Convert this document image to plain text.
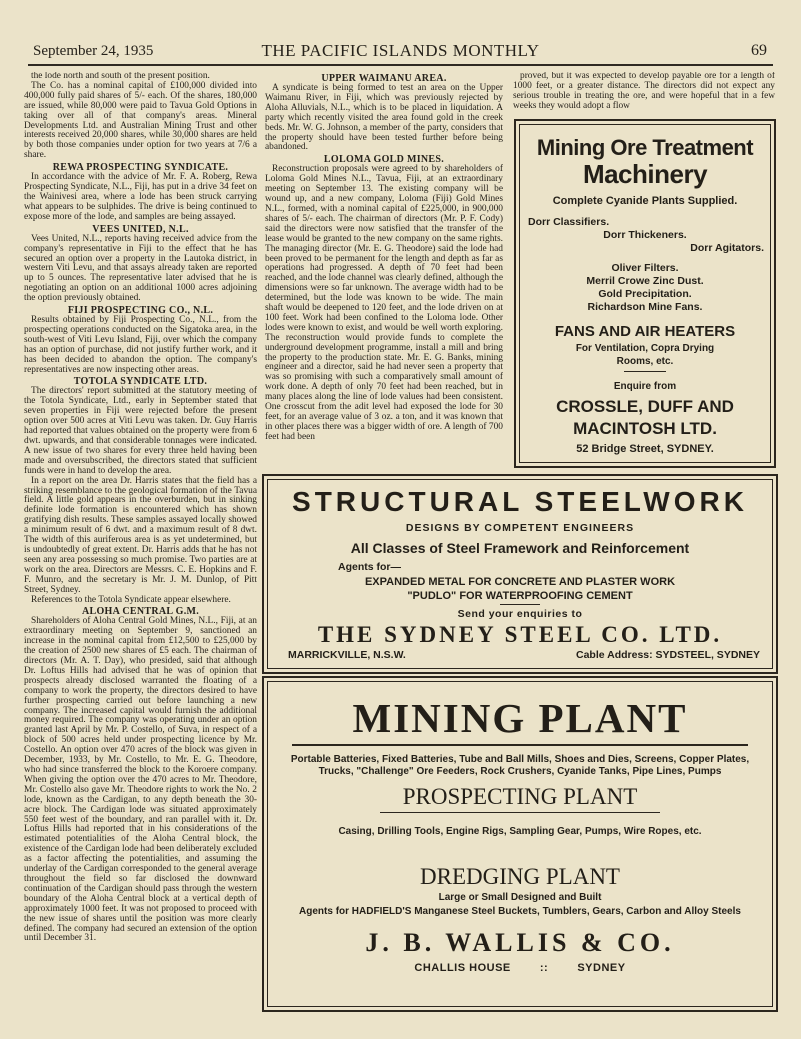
September 24, 1935	THE PACIFIC ISLANDS MONTHLY	69

the lode north and south of the present position.

The Co. has a nominal capital of £100,000 divided into 400,000 fully paid shares of 5/- each. Of the shares, 180,000 are issued, while 80,000 were paid to Tavua Gold Options in taking over all of that company's areas. Mineral Developments Ltd. and Australian Mining Trust and other interests received 20,000 shares, while 30,000 shares are held by both those companies under option for two years at 7/6 a share.

REWA PROSPECTING SYNDICATE.

In accordance with the advice of Mr. F. A. Roberg, Rewa Prospecting Syndicate, N.L., Fiji, has put in a drive 34 feet on the Wainivesi area, where a lode has been struck carrying what appears to be sulphides. The drive is being continued to expose more of the lode, and samples are being assayed.

VEES UNITED, N.L.

Vees United, N.L., reports having received advice from the company's representative in Fiji to the effect that he has secured an option over a property in the Lautoka district, in western Viti Levu, and that assays already taken are reported up to 5 ounces. The representative later advised that he is negotiating an option on an additional 1000 acres adjoining the option previously obtained.

FIJI PROSPECTING CO., N.L.

Results obtained by Fiji Prospecting Co., N.L., from the prospecting operations conducted on the Sigatoka area, in the south-west of Viti Levu Island, Fiji, over which the company has an option of purchase, did not justify further work, and it has been decided to abandon the option. The company's representatives are now inspecting other areas.

TOTOLA SYNDICATE LTD.

The directors' report submitted at the statutory meeting of the Totola Syndicate, Ltd., early in September stated that seven properties in Fiji were rejected before the present option over 500 acres at Viti Levu was taken. Dr. Guy Harris had reported that values obtained on the property were from 6 dwt. upwards, and that considerable tonnages were indicated. A new issue of two shares for every three held having been made and oversubscribed, the directors stated that sufficient funds were in hand to develop the area.

In a report on the area Dr. Harris states that the field has a striking resemblance to the geological formation of the Tavua field. A little gold appears in the overburden, but in sinking definite lode formation is encountered which has shown gratifying dish results. These samples assayed locally showed a minimum result of 6 dwt. and a maximum result of 8 dwt. The width of this auriferous area is as yet undetermined, but is undoubtedly of great extent. Dr. Harris adds that he has not seen any area possessing so much promise. Two parties are at work on the area. Directors are Messrs. C. E. Hopkins and F. F. Munro, and the secretary is Mr. J. M. Dunlop, of Pitt Street, Sydney.

References to the Totola Syndicate appear elsewhere.

ALOHA CENTRAL G.M.

Shareholders of Aloha Central Gold Mines, N.L., Fiji, at an extraordinary meeting on September 9, sanctioned an increase in the nominal capital from £12,500 to £25,000 by the creation of 2500 new shares of £5 each. The chairman of directors (Mr. A. T. Day), who presided, said that although Dr. Loftus Hills had advised that he was of opinion that prospects already disclosed warranted the floating of a company to work the property, the directors desired to have further prospecting carried out before launching a new company. The increased capital would furnish the additional money required. The company was operating under an option granted last April by Mr. P. Costello, of Suva, in respect of a block of 500 acres held under prospecting licence by Mr. Costello. An option over 470 acres of the block was given in December, 1933, by Mr. Costello, to Mr. E. G. Theodore, who had since transferred the block to the Koroere company. When giving the option over the 470 acres to Mr. Theodore, Mr. Costello also gave Mr. Theodore rights to work the No. 2 lode, known as the Cardigan, to any depth beneath the 30-acre block. The Cardigan lode was situated approximately 550 feet west of the boundary, and ran parallel with it. Dr. Loftus Hills had reported that in his considerations of the estimated potentialities of the Aloha Central block, the existence of the Cardigan lode had been deliberately excluded as a factor affecting the potentialities, and assuming the underlay of the Cardigan corresponded to the general average throughout the field so far disclosed the downward continuation of the Cardigan should pass through the western boundary of the Aloha Central block at a vertical depth of approximately 1000 feet. It was not proposed to proceed with the new issue of shares until the position was more clearly defined. The company had secured an extension of the option until December 31.

UPPER WAIMANU AREA.

A syndicate is being formed to test an area on the Upper Waimanu River, in Fiji, which was previously rejected by Aloha Alluvials, N.L., which is to be placed in liquidation. A party which recently visited the area found gold in the creek beds. Mr. W. G. Johnson, a member of the party, considers that the property should have been tested further before being abandoned.

LOLOMA GOLD MINES.

Reconstruction proposals were agreed to by shareholders of Loloma Gold Mines N.L., Tavua, Fiji, at an extraordinary meeting on September 13. The existing company will be wound up, and a new company, Loloma (Fiji) Gold Mines N.L., formed, with a nominal capital of £225,000, in 900,000 shares of 5/- each. The chairman of directors (Mr. P. F. Cody) said the directors were now satisfied that the transfer of the lease would be granted to the new company on the same rights. The managing director (Mr. E. G. Theodore) said the lode had been proved to be permanent for the length and depth as far as operations had progressed. A depth of 70 feet had been reached, and the lode channel was clearly defined, although the dimensions were so far unknown. The average width had to be determined, but the lode was known to be wide. The main shaft would be deepened to 120 feet, and the lode driven on at 100 feet. Work had been confined to the Loloma lode. Other lodes were known to exist, and would be well worth exploring. The reconstruction would provide funds to complete the underground development programme, install a mill and bring the property to the production state. Mr. E. G. Banks, mining engineer and a director, said he had never seen a property that was so promising with such a comparatively small amount of work done. A depth of only 70 feet had been reached, but in many places along the line of lode values had been consistent. One crosscut from the adit level had exposed the lode for 30 feet, for an average value of 3 oz. a ton, and it was known that in other places there was a bigger width of ore. A length of 700 feet had been

proved, but it was expected to develop payable ore for a length of 1000 feet, or a greater distance. The directors did not expect any serious trouble in treating the ore, and were hopeful that in a few weeks they would adopt a flow

Mining Ore Treatment
Machinery
Complete Cyanide Plants Supplied.
Dorr Classifiers.
Dorr Thickeners.
Dorr Agitators.
Oliver Filters.
Merril Crowe Zinc Dust.
Gold Precipitation.
Richardson Mine Fans.
FANS AND AIR HEATERS
For Ventilation, Copra Drying
Rooms, etc.
Enquire from
CROSSLE, DUFF AND
MACINTOSH LTD.
52 Bridge Street, SYDNEY.
STRUCTURAL STEELWORK
DESIGNS BY COMPETENT ENGINEERS
All Classes of Steel Framework and Reinforcement
Agents for—
EXPANDED METAL FOR CONCRETE AND PLASTER WORK
"PUDLO" FOR WATERPROOFING CEMENT
Send your enquiries to
THE SYDNEY STEEL CO. LTD.
MARRICKVILLE, N.S.W.	Cable Address: SYDSTEEL, SYDNEY
MINING PLANT
Portable Batteries, Fixed Batteries, Tube and Ball Mills, Shoes and Dies, Screens, Copper Plates, Trucks, "Challenge" Ore Feeders, Rock Crushers, Cyanide Tanks, Pipe Lines, Pumps
PROSPECTING PLANT
Casing, Drilling Tools, Engine Rigs, Sampling Gear, Pumps, Wire Ropes, etc.
DREDGING PLANT
Large or Small Designed and Built
Agents for HADFIELD'S Manganese Steel Buckets, Tumblers, Gears, Carbon and Alloy Steels
J. B. WALLIS & CO.
CHALLIS HOUSE	::	SYDNEY
